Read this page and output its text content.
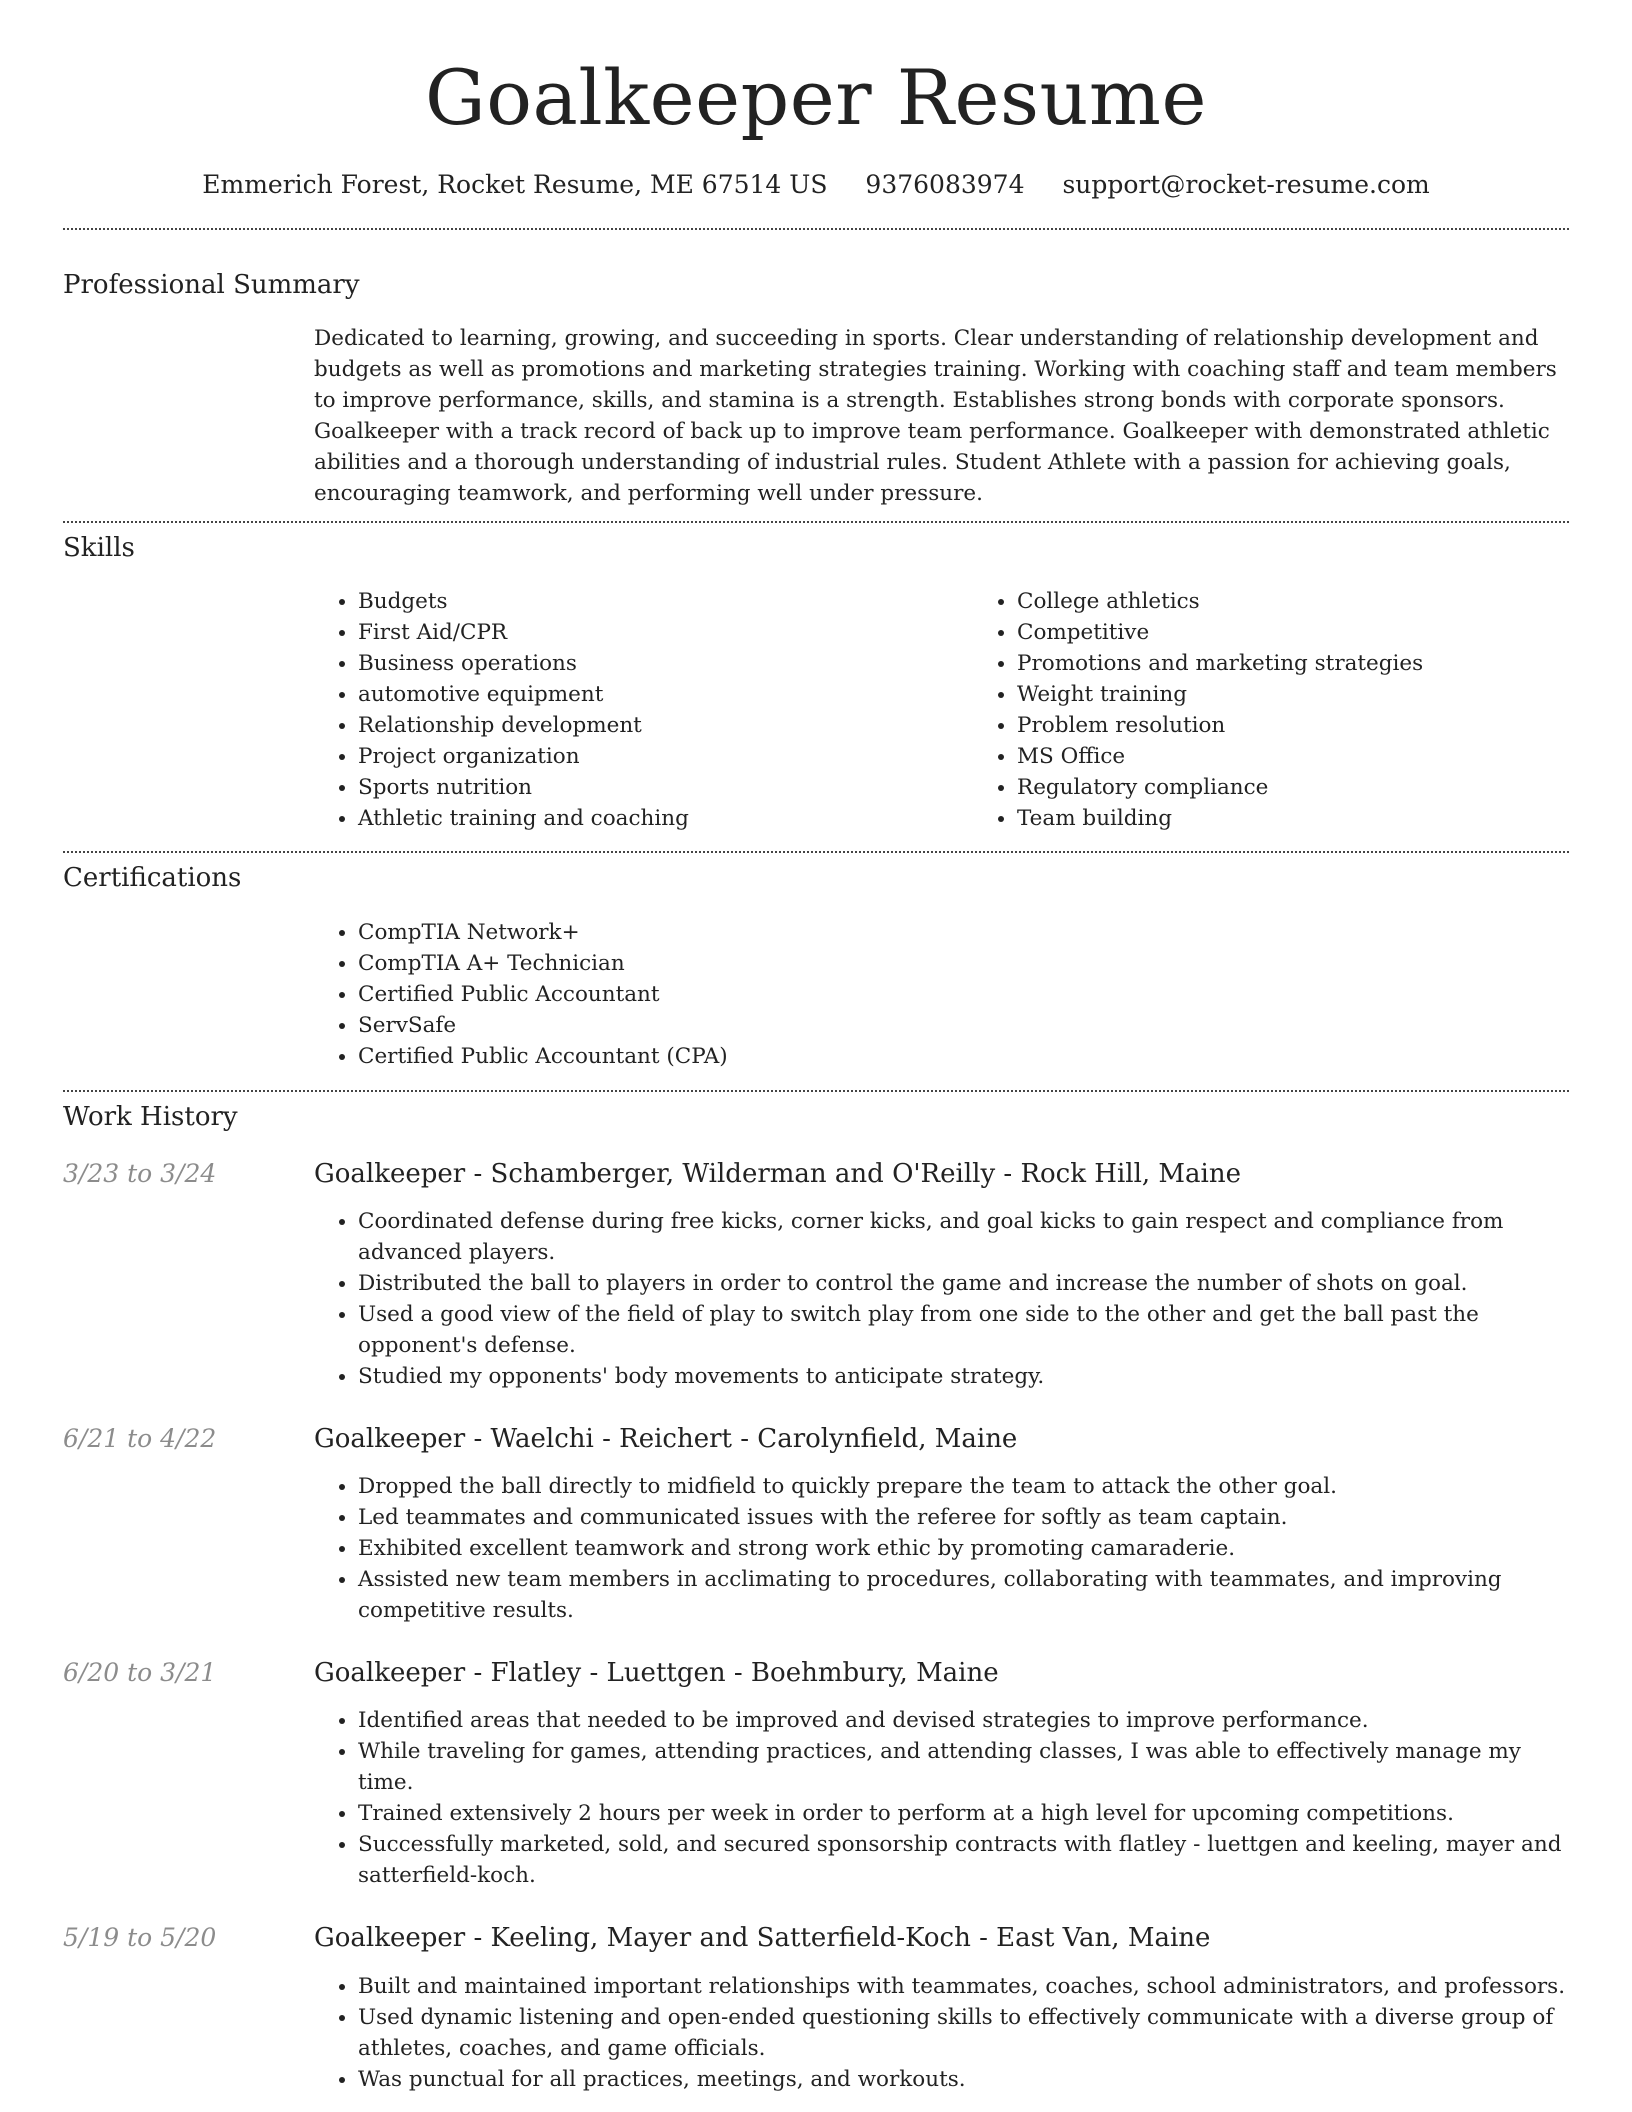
Goalkeeper Resume
Emmerich Forest, Rocket Resume, ME 67514 US 9376083974 support@rocket-resume.com
Professional Summary

Dedicated to learning, growing, and succeeding in sports. Clear understanding of relationship development and budgets as well as promotions and marketing strategies training. Working with coaching staff and team members to improve performance, skills, and stamina is a strength. Establishes strong bonds with corporate sponsors. Goalkeeper with a track record of back up to improve team performance. Goalkeeper with demonstrated athletic abilities and a thorough understanding of industrial rules. Student Athlete with a passion for achieving goals, encouraging teamwork, and performing well under pressure.

Skills
• Budgets
• First Aid/CPR
• Business operations
• automotive equipment
• Relationship development
• Project organization
• Sports nutrition
• Athletic training and coaching
• College athletics
• Competitive
• Promotions and marketing strategies
• Weight training
• Problem resolution
• MS Office
• Regulatory compliance
• Team building
Certifications
• CompTIA Network+
• CompTIA A+ Technician
• Certified Public Accountant
• ServSafe
• Certified Public Accountant (CPA)
Work History
3/23 to 3/24	Goalkeeper - Schamberger, Wilderman and O'Reilly - Rock Hill, Maine
• Coordinated defense during free kicks, corner kicks, and goal kicks to gain respect and compliance from advanced players.
• Distributed the ball to players in order to control the game and increase the number of shots on goal.
• Used a good view of the field of play to switch play from one side to the other and get the ball past the opponent's defense.
• Studied my opponents' body movements to anticipate strategy.
6/21 to 4/22	Goalkeeper - Waelchi - Reichert - Carolynfield, Maine
• Dropped the ball directly to midfield to quickly prepare the team to attack the other goal.
• Led teammates and communicated issues with the referee for softly as team captain.
• Exhibited excellent teamwork and strong work ethic by promoting camaraderie.
• Assisted new team members in acclimating to procedures, collaborating with teammates, and improving competitive results.
6/20 to 3/21	Goalkeeper - Flatley - Luettgen - Boehmbury, Maine
• Identified areas that needed to be improved and devised strategies to improve performance.
• While traveling for games, attending practices, and attending classes, I was able to effectively manage my time.
• Trained extensively 2 hours per week in order to perform at a high level for upcoming competitions.
• Successfully marketed, sold, and secured sponsorship contracts with flatley - luettgen and keeling, mayer and satterfield-koch.
5/19 to 5/20	Goalkeeper - Keeling, Mayer and Satterfield-Koch - East Van, Maine
• Built and maintained important relationships with teammates, coaches, school administrators, and professors.
• Used dynamic listening and open-ended questioning skills to effectively communicate with a diverse group of athletes, coaches, and game officials.
• Was punctual for all practices, meetings, and workouts.
